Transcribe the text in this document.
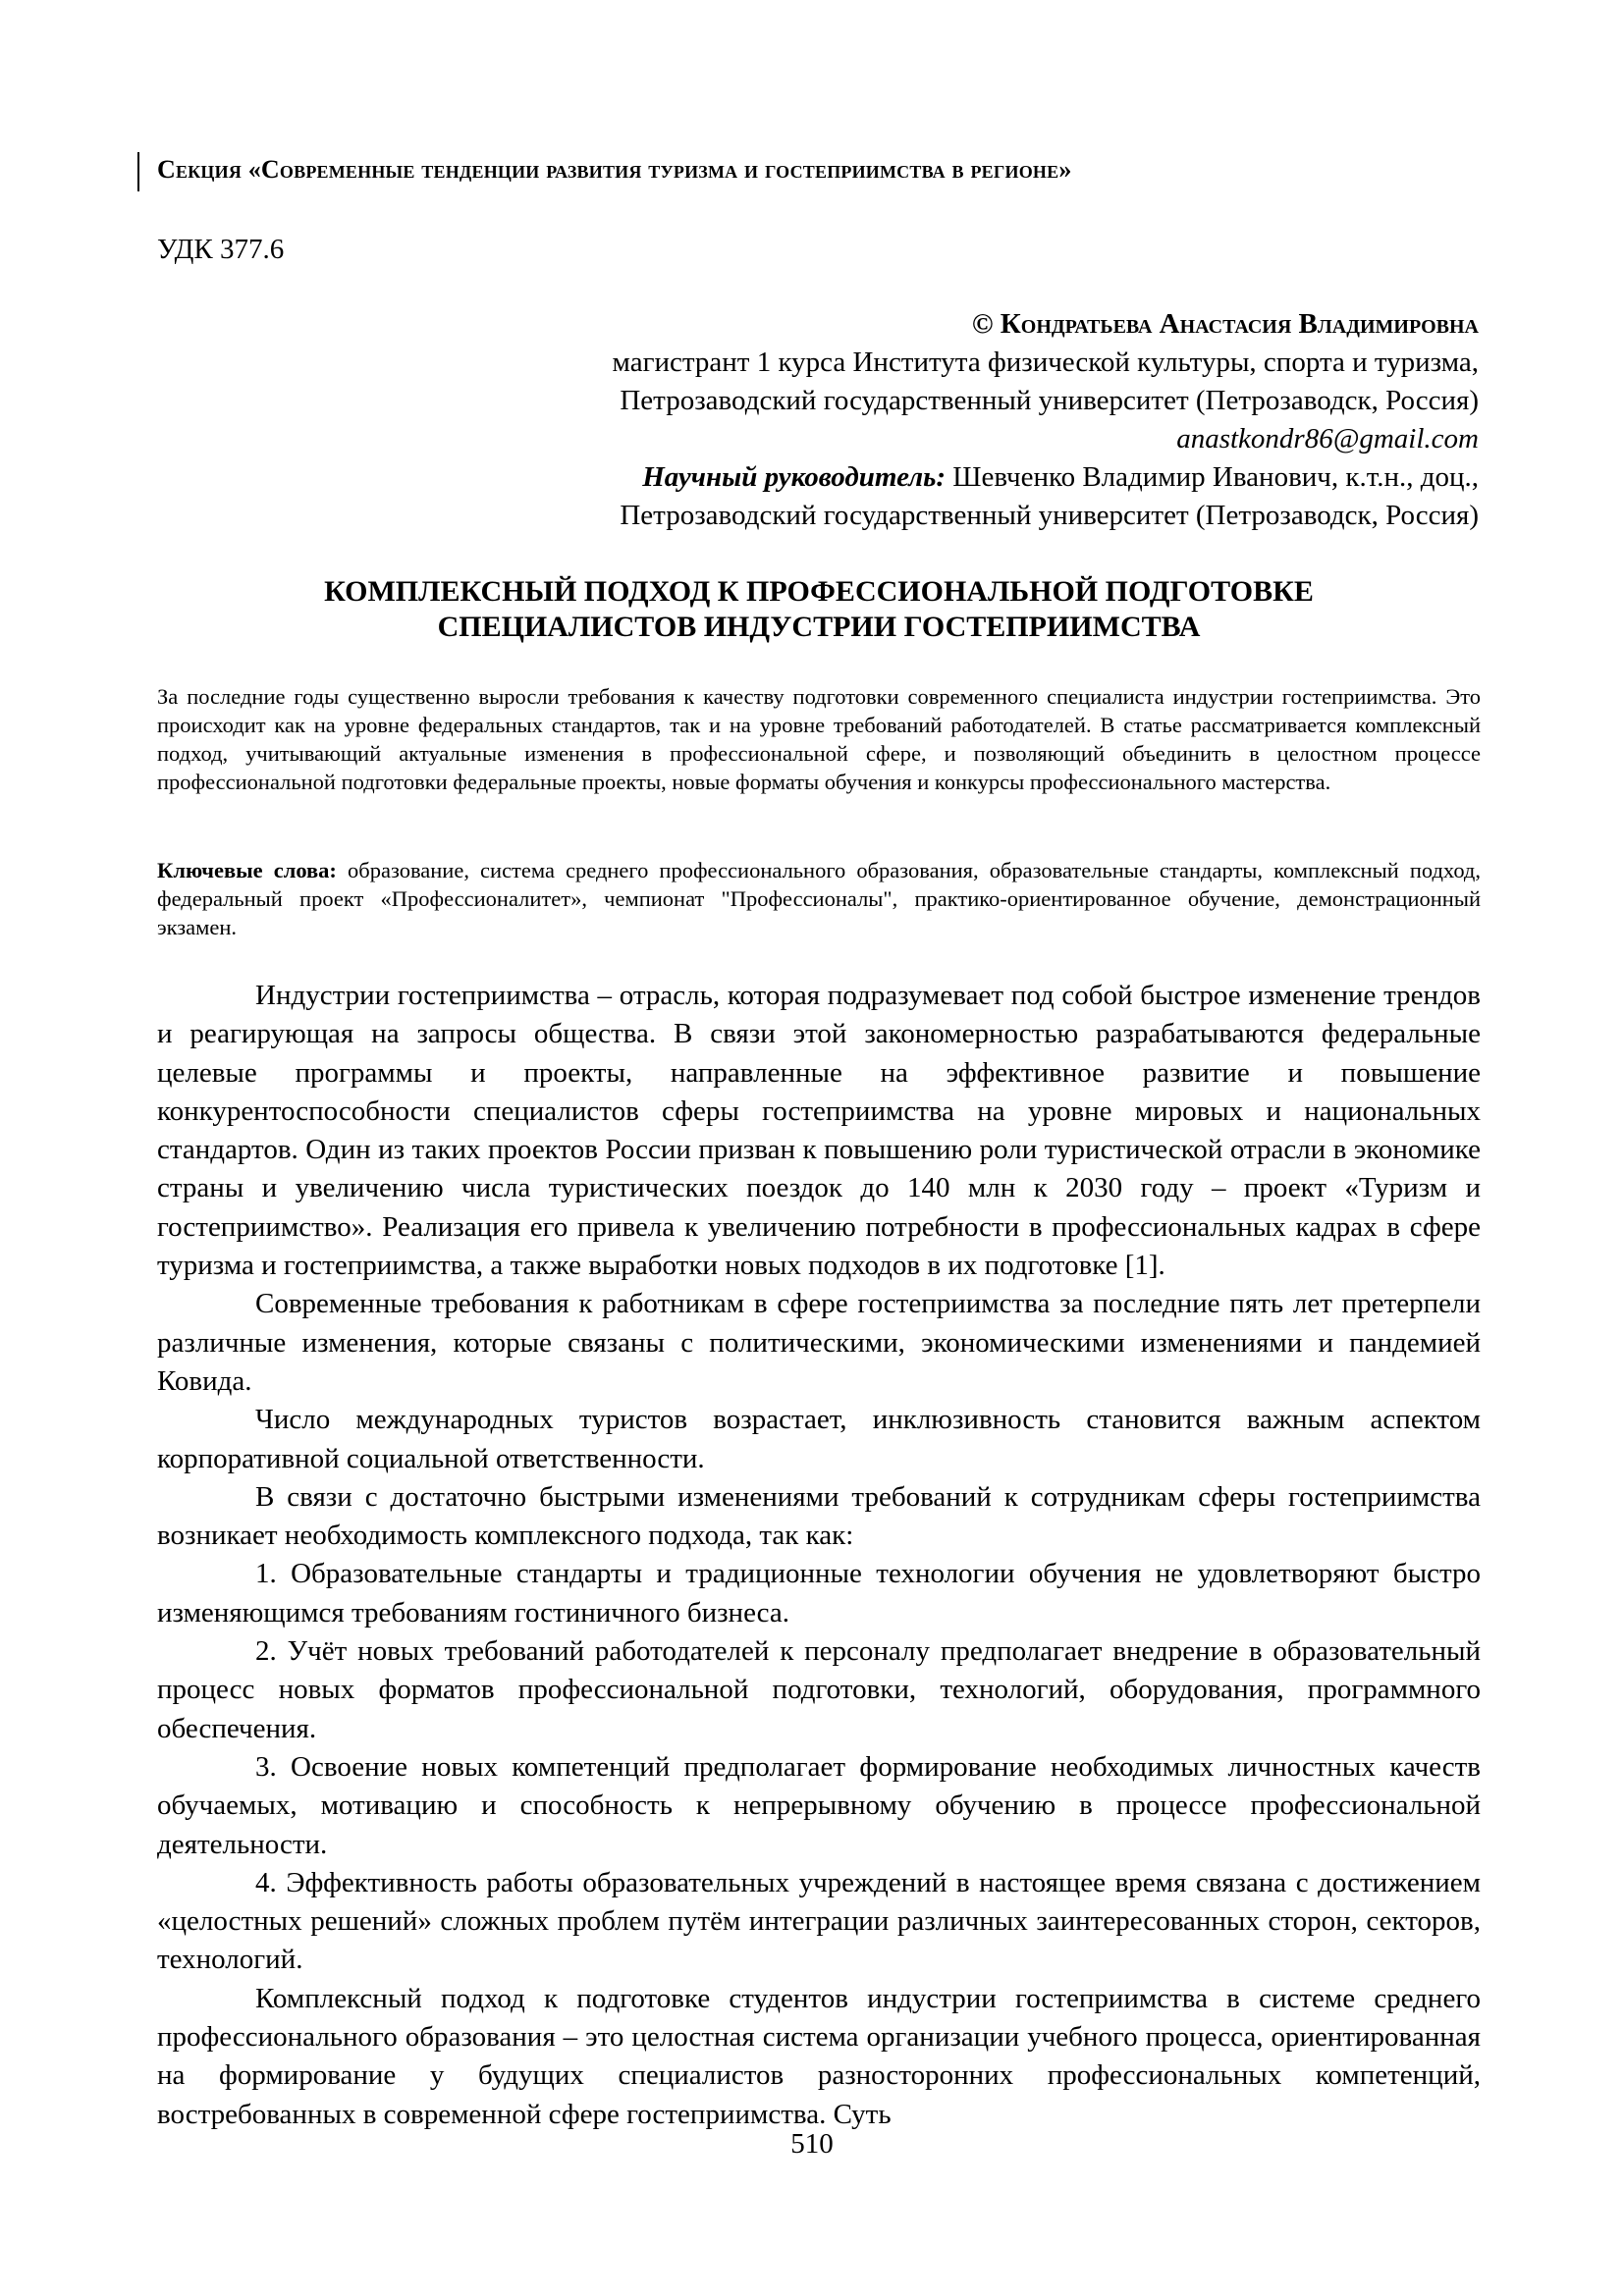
Секция «Современные тенденции развития туризма и гостеприимства в регионе»
УДК 377.6
© Кондратьева Анастасия Владимировна
магистрант 1 курса Института физической культуры, спорта и туризма,
Петрозаводский государственный университет (Петрозаводск, Россия)
anastkondr86@gmail.com
Научный руководитель: Шевченко Владимир Иванович, к.т.н., доц.,
Петрозаводский государственный университет (Петрозаводск, Россия)
КОМПЛЕКСНЫЙ ПОДХОД К ПРОФЕССИОНАЛЬНОЙ ПОДГОТОВКЕ
СПЕЦИАЛИСТОВ ИНДУСТРИИ ГОСТЕПРИИМСТВА
За последние годы существенно выросли требования к качеству подготовки современного специалиста индустрии гостеприимства. Это происходит как на уровне федеральных стандартов, так и на уровне требований работодателей. В статье рассматривается комплексный подход, учитывающий актуальные изменения в профессиональной сфере, и позволяющий объединить в целостном процессе профессиональной подготовки федеральные проекты, новые форматы обучения и конкурсы профессионального мастерства.
Ключевые слова: образование, система среднего профессионального образования, образовательные стандарты, комплексный подход, федеральный проект «Профессионалитет», чемпионат "Профессионалы", практико-ориентированное обучение, демонстрационный экзамен.

Индустрии гостеприимства – отрасль, которая подразумевает под собой быстрое изменение трендов и реагирующая на запросы общества. В связи этой закономерностью разрабатываются федеральные целевые программы и проекты, направленные на эффективное развитие и повышение конкурентоспособности специалистов сферы гостеприимства на уровне мировых и национальных стандартов. Один из таких проектов России призван к повышению роли туристической отрасли в экономике страны и увеличению числа туристических поездок до 140 млн к 2030 году – проект «Туризм и гостеприимство». Реализация его привела к увеличению потребности в профессиональных кадрах в сфере туризма и гостеприимства, а также выработки новых подходов в их подготовке [1].

Современные требования к работникам в сфере гостеприимства за последние пять лет претерпели различные изменения, которые связаны с политическими, экономическими изменениями и пандемией Ковида.

Число международных туристов возрастает, инклюзивность становится важным аспектом корпоративной социальной ответственности.

В связи с достаточно быстрыми изменениями требований к сотрудникам сферы гостеприимства возникает необходимость комплексного подхода, так как:

1. Образовательные стандарты и традиционные технологии обучения не удовлетворяют быстро изменяющимся требованиям гостиничного бизнеса.

2. Учёт новых требований работодателей к персоналу предполагает внедрение в образовательный процесс новых форматов профессиональной подготовки, технологий, оборудования, программного обеспечения.

3. Освоение новых компетенций предполагает формирование необходимых личностных качеств обучаемых, мотивацию и способность к непрерывному обучению в процессе профессиональной деятельности.

4. Эффективность работы образовательных учреждений в настоящее время связана с достижением «целостных решений» сложных проблем путём интеграции различных заинтересованных сторон, секторов, технологий.

Комплексный подход к подготовке студентов индустрии гостеприимства в системе среднего профессионального образования – это целостная система организации учебного процесса, ориентированная на формирование у будущих специалистов разносторонних профессиональных компетенций, востребованных в современной сфере гостеприимства. Суть

510
